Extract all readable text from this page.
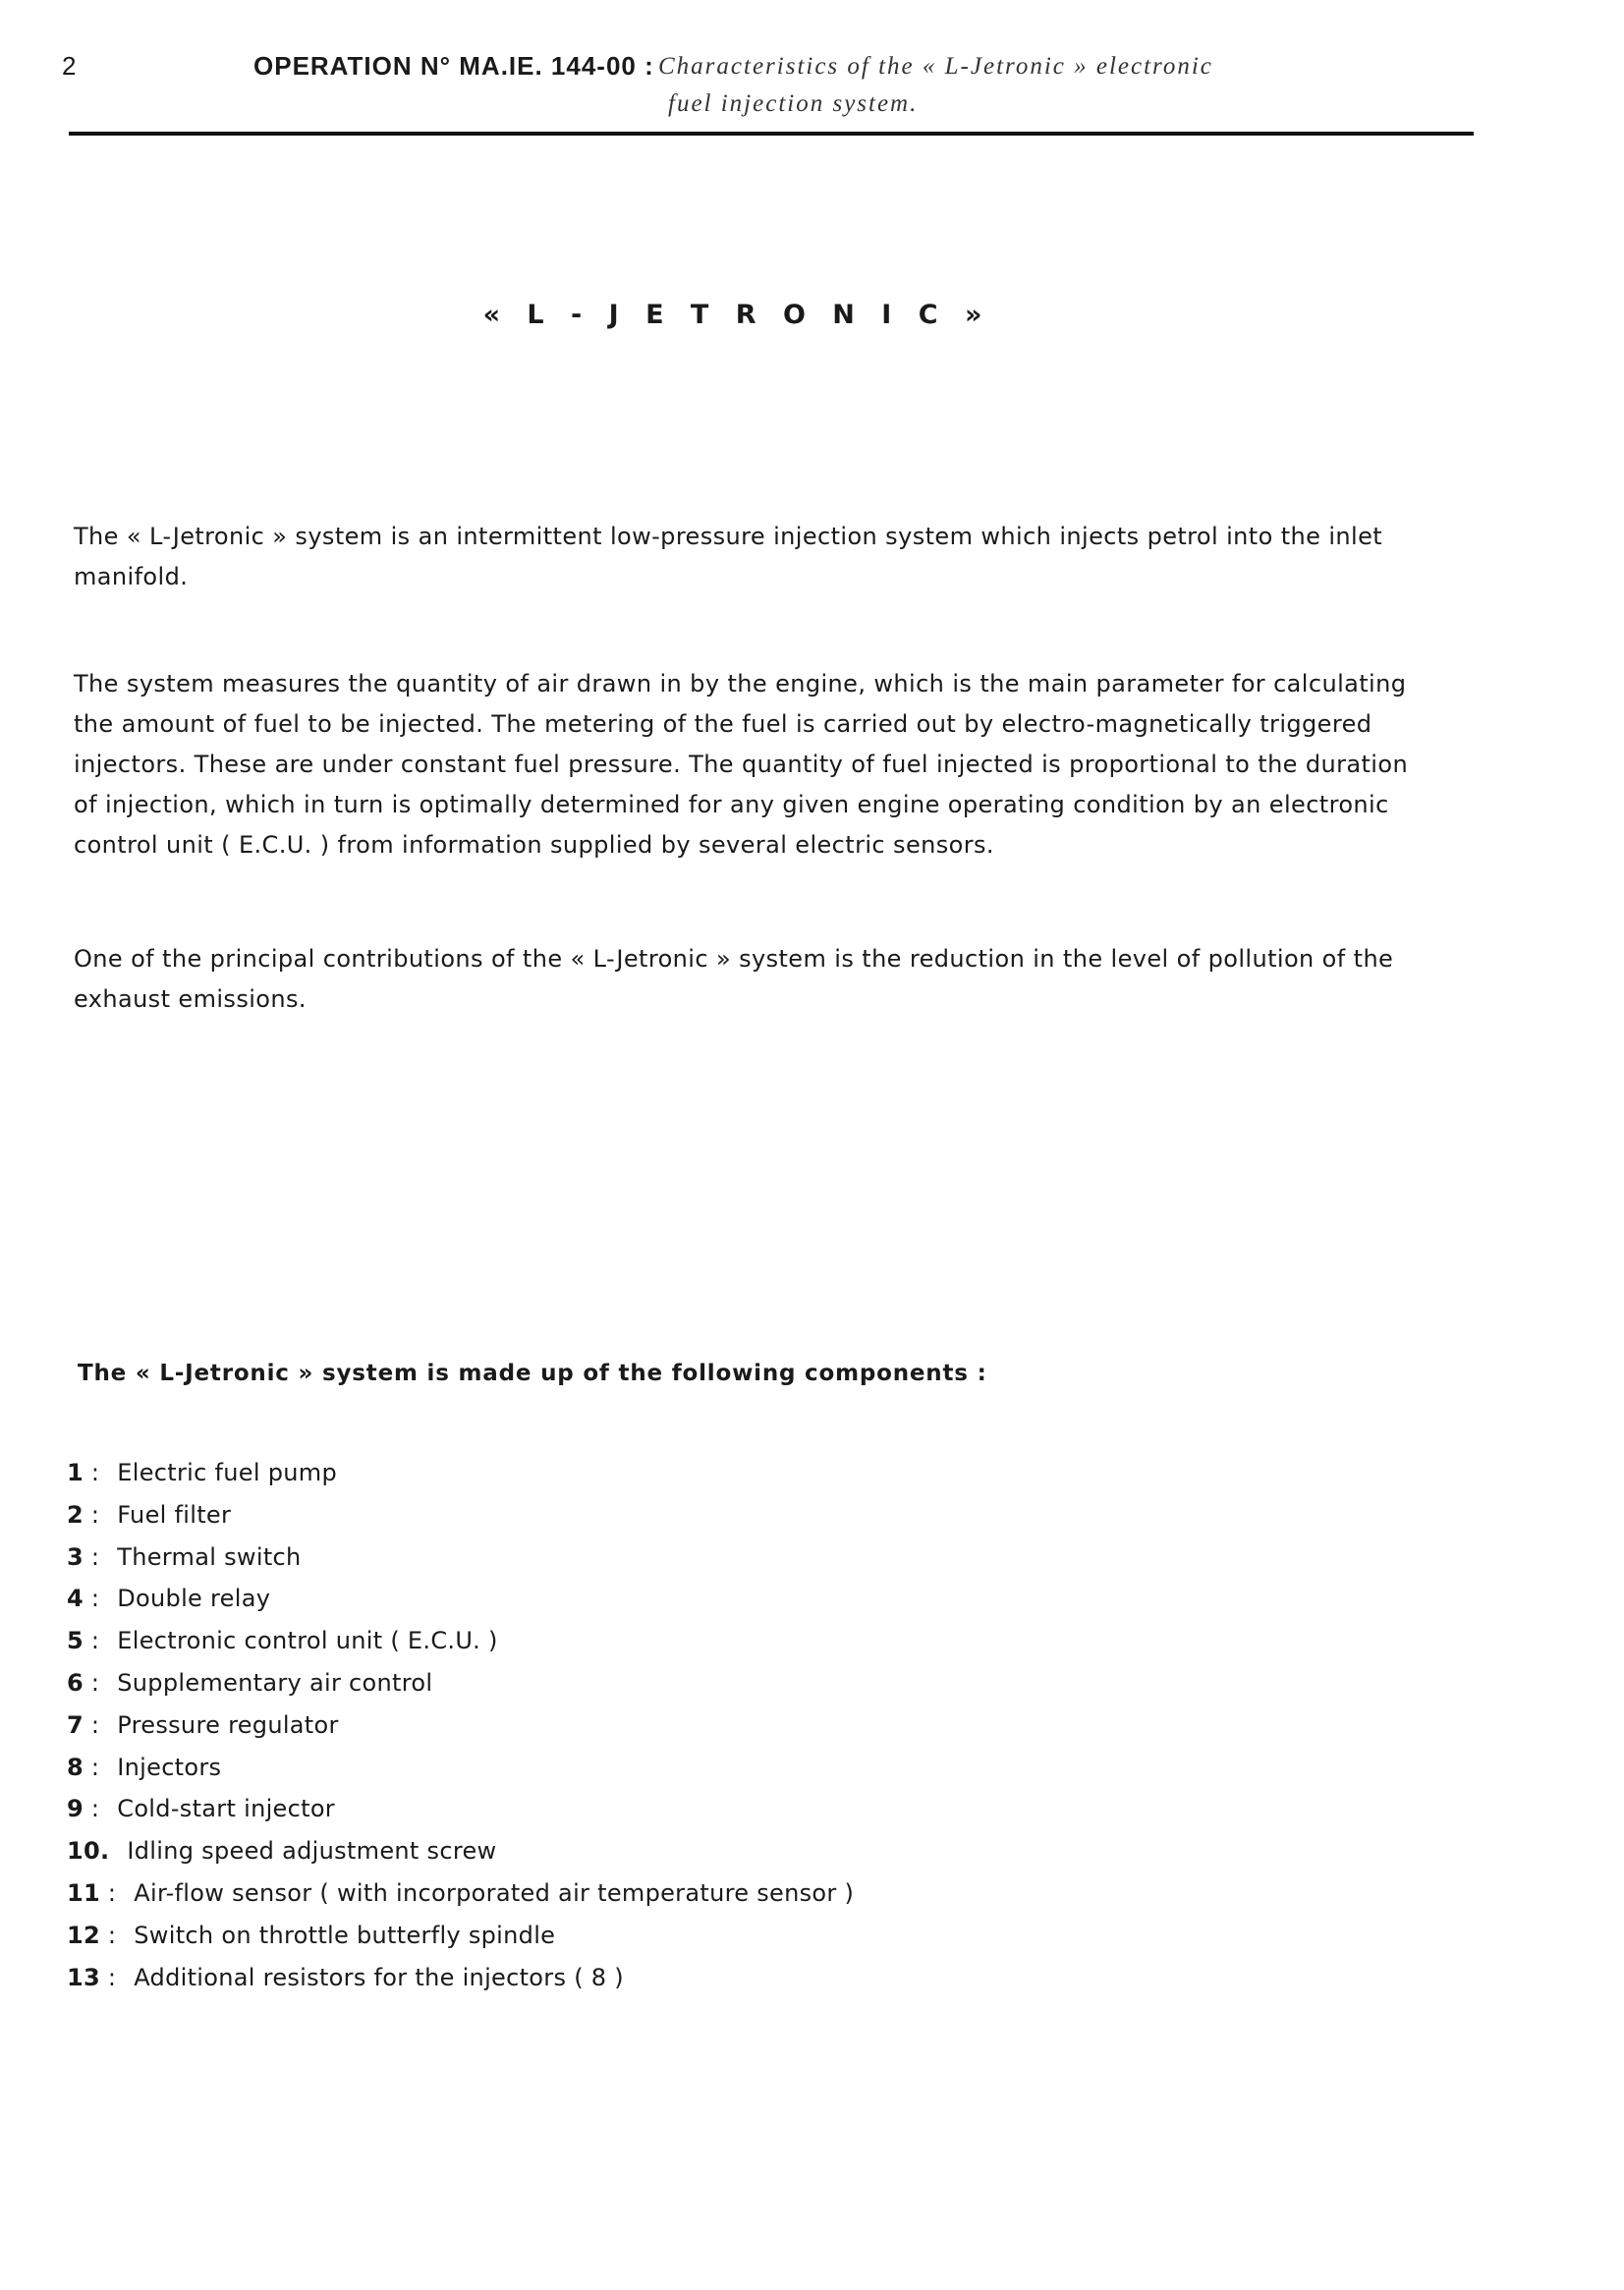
2	OPERATION N° MA.IE. 144-00 : Characteristics of the « L-Jetronic » electronic
fuel injection system.
« L - J E T R O N I C »

The « L-Jetronic » system is an intermittent low-pressure injection system which injects petrol into the inlet manifold.

The system measures the quantity of air drawn in by the engine, which is the main parameter for calculating the amount of fuel to be injected. The metering of the fuel is carried out by electro-magnetically triggered injectors. These are under constant fuel pressure. The quantity of fuel injected is proportional to the duration of injection, which in turn is optimally determined for any given engine operating condition by an electronic control unit ( E.C.U. ) from information supplied by several electric sensors.

One of the principal contributions of the « L-Jetronic » system is the reduction in the level of pollution of the exhaust emissions.

The « L-Jetronic » system is made up of the following components :
1 : Electric fuel pump
2 : Fuel filter
3 : Thermal switch
4 : Double relay
5 : Electronic control unit ( E.C.U. )
6 : Supplementary air control
7 : Pressure regulator
8 : Injectors
9 : Cold-start injector
10. Idling speed adjustment screw
11 : Air-flow sensor ( with incorporated air temperature sensor )
12 : Switch on throttle butterfly spindle
13 : Additional resistors for the injectors ( 8 )
